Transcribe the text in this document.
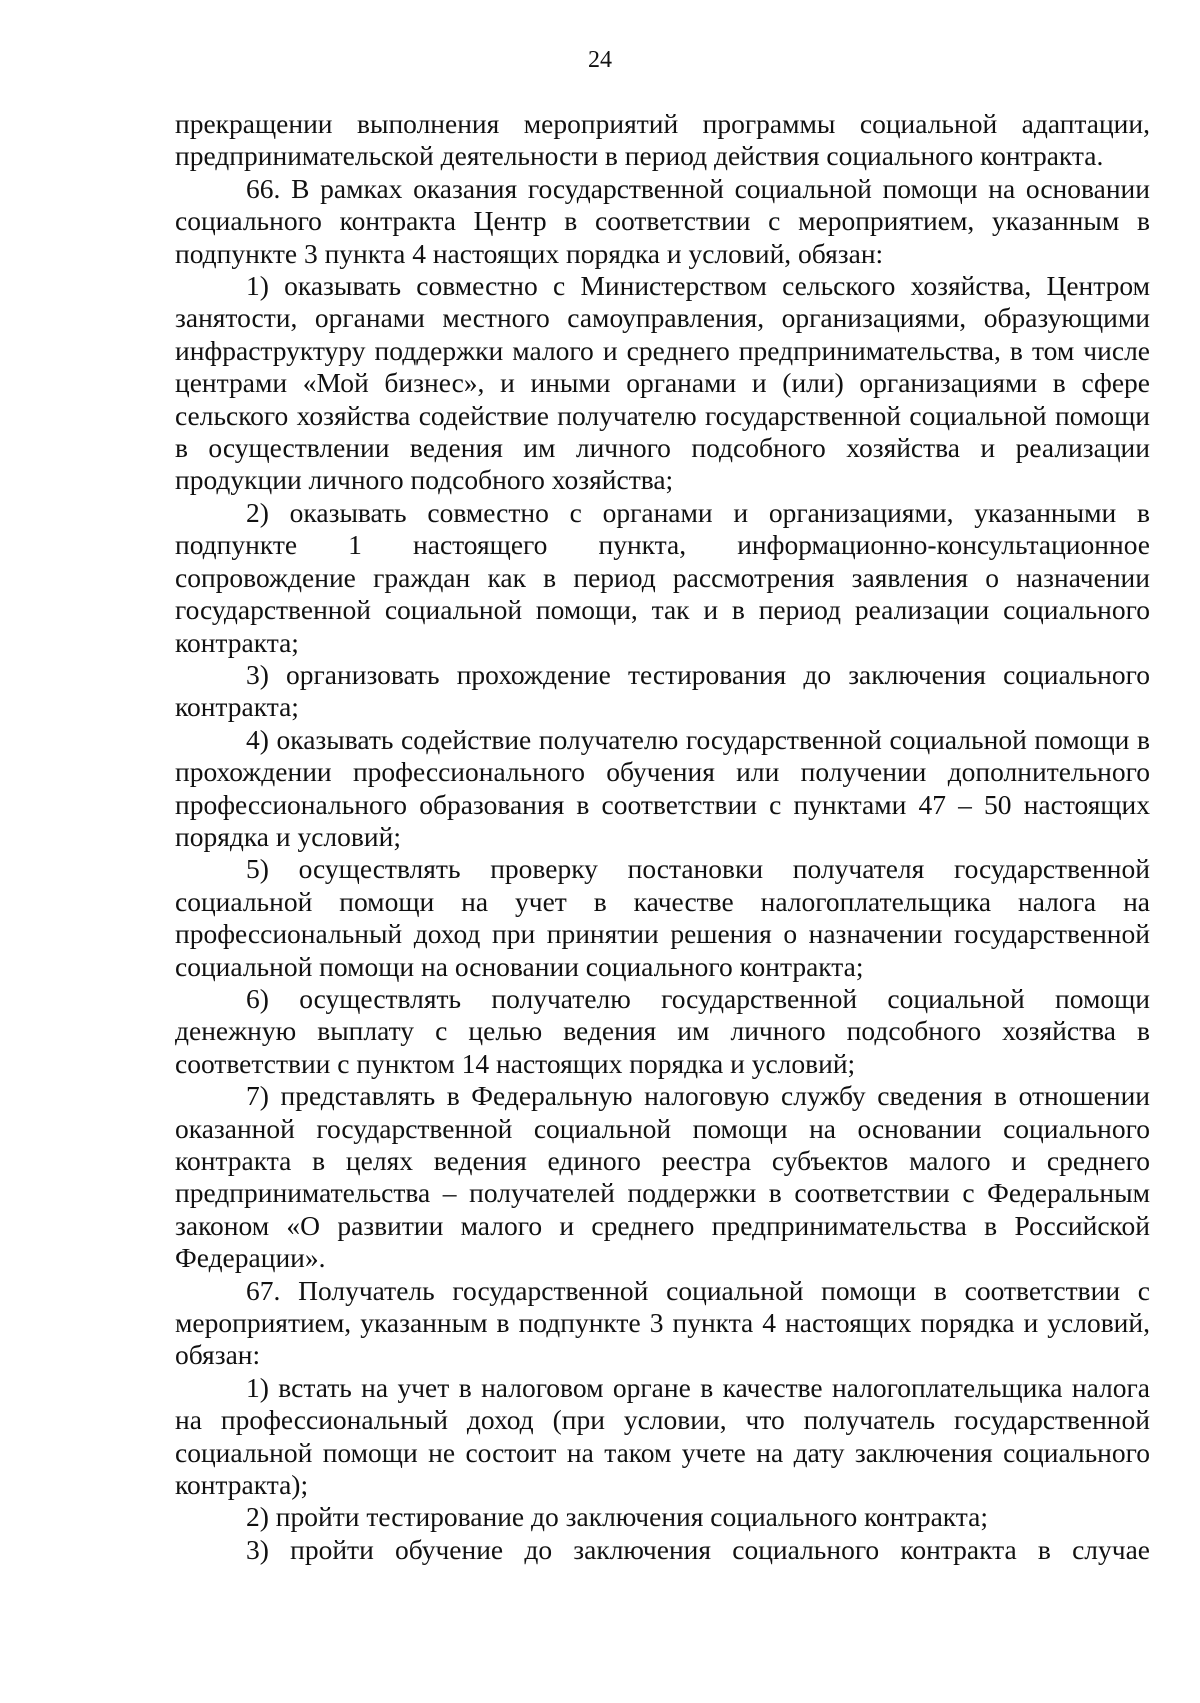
24

прекращении выполнения мероприятий программы социальной адаптации, предпринимательской деятельности в период действия социального контракта.

66. В рамках оказания государственной социальной помощи на основании социального контракта Центр в соответствии с мероприятием, указанным в подпункте 3 пункта 4 настоящих порядка и условий, обязан:

1) оказывать совместно с Министерством сельского хозяйства, Центром занятости, органами местного самоуправления, организациями, образующими инфраструктуру поддержки малого и среднего предпринимательства, в том числе центрами «Мой бизнес», и иными органами и (или) организациями в сфере сельского хозяйства содействие получателю государственной социальной помощи в осуществлении ведения им личного подсобного хозяйства и реализации продукции личного подсобного хозяйства;

2) оказывать совместно с органами и организациями, указанными в подпункте 1 настоящего пункта, информационно-консультационное сопровождение граждан как в период рассмотрения заявления о назначении государственной социальной помощи, так и в период реализации социального контракта;

3) организовать прохождение тестирования до заключения социального контракта;

4) оказывать содействие получателю государственной социальной помощи в прохождении профессионального обучения или получении дополнительного профессионального образования в соответствии с пунктами 47 – 50 настоящих порядка и условий;

5) осуществлять проверку постановки получателя государственной социальной помощи на учет в качестве налогоплательщика налога на профессиональный доход при принятии решения о назначении государственной социальной помощи на основании социального контракта;

6) осуществлять получателю государственной социальной помощи денежную выплату с целью ведения им личного подсобного хозяйства в соответствии с пунктом 14 настоящих порядка и условий;

7) представлять в Федеральную налоговую службу сведения в отношении оказанной государственной социальной помощи на основании социального контракта в целях ведения единого реестра субъектов малого и среднего предпринимательства – получателей поддержки в соответствии с Федеральным законом «О развитии малого и среднего предпринимательства в Российской Федерации».

67. Получатель государственной социальной помощи в соответствии с мероприятием, указанным в подпункте 3 пункта 4 настоящих порядка и условий, обязан:

1) встать на учет в налоговом органе в качестве налогоплательщика налога на профессиональный доход (при условии, что получатель государственной социальной помощи не состоит на таком учете на дату заключения социального контракта);

2) пройти тестирование до заключения социального контракта;

3) пройти обучение до заключения социального контракта в случае
